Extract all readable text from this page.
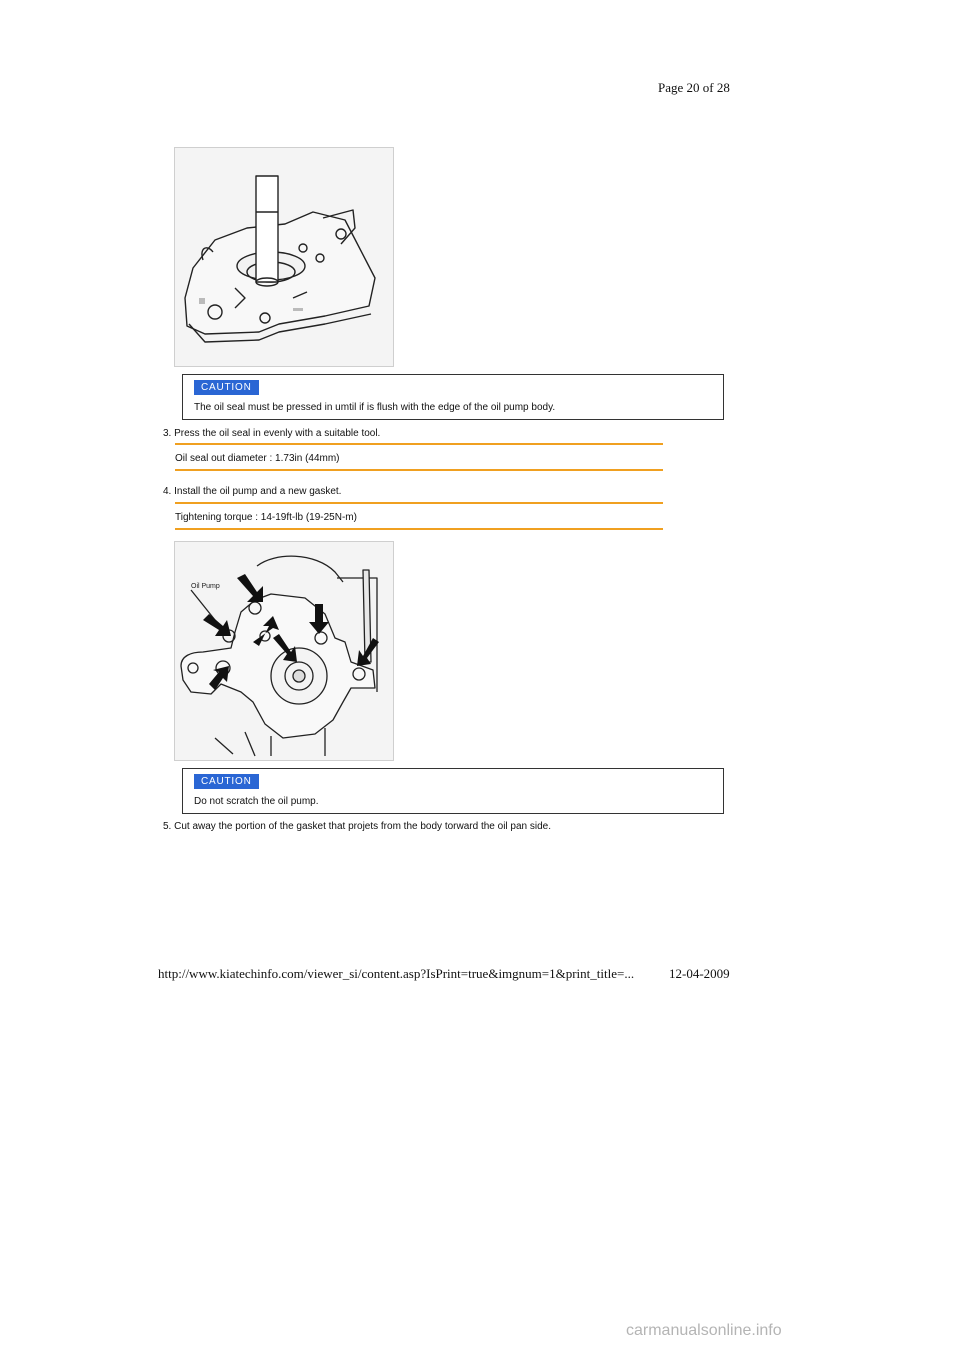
Page 20 of 28
CAUTION
The oil seal must be pressed in umtil if is flush with the edge of the oil pump body.
3. Press the oil seal in evenly with a suitable tool.
Oil seal out diameter : 1.73in (44mm)
4. Install the oil pump and a new gasket.
Tightening torque : 14-19ft-lb (19-25N-m)
Oil Pump
CAUTION
Do not scratch the oil pump.
5. Cut away the portion of the gasket that projets from the body torward the oil pan side.
http://www.kiatechinfo.com/viewer_si/content.asp?IsPrint=true&imgnum=1&print_title=...	12-04-2009
carmanualsonline.info
